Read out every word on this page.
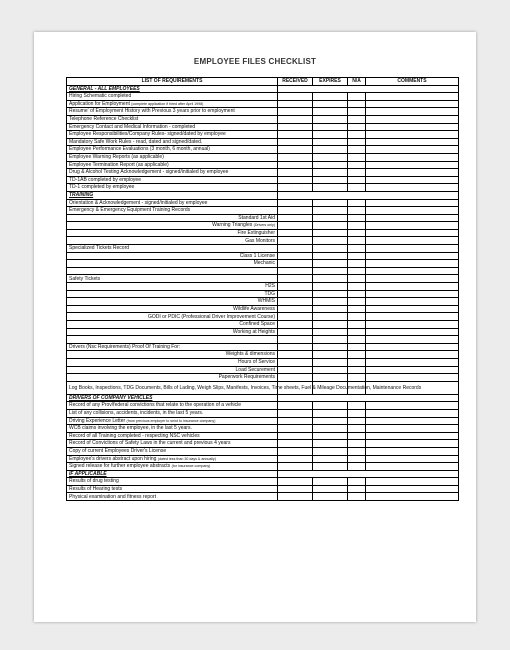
EMPLOYEE FILES CHECKLIST
LIST OF REQUIREMENTS	RECEIVED	EXPIRES	N/A	COMMENTS
GENERAL - ALL EMPLOYEES				
Hiring Schematic completed				
Application for Employment (complete application if hired after April 1998)				
Resume' of Employment History with Previous 3 years prior to employment				
Telephone Reference Checklist				
Emergency Contact and Medical Information - completed				
Employee Responsibilities/Company Rules- signed/dated by employee				
Mandatory Safe Work Rules - read, dated and signed/dated.				
Employee Performance Evaluations (3 month, 6 month, annual)				
Employee Warning Reports (as applicable)				
Employee Termination Report (as applicable)				
Drug & Alcohol Testing Acknowledgement - signed/initialed by employee				
TD-1AB completed by employee				
TD-1 completed by employee				
TRAINING				
Orientation & Acknowledgement - signed/initialed by employee				
Emergency & Emergency Equipment Training Records				
Standard 1st Aid				
Warning Triangles (Drivers only)				
Fire Extinguisher				
Gas Monitors				
Specialized Tickets Record				
Class 1 License				
Mechanic				

Safety Tickets				
H2S				
TDG				
WHMIS				
Wildlife Awareness				
GODI or PDIC (Professional Driver Improvement Course)				
Confined Space				
Working at Heights				

Drivers (Nsc Requirements) Proof Of Training For:				
Weights & dimensions				
Hours of Service				
Load Securement				
Paperwork Requirements				
Log Books, Inspections, TDG Documents, Bills of Lading, Weigh Slips, Manifests, Invoices, Time sheets, Fuel & Mileage Documentation, Maintenance Records				
DRIVERS OF COMPANY VEHICLES				
Record of any Prov/federal convictions that relate to the operation of a vehicle				
List of any collisions, accidents, incidents, in the last 5 years.				
Driving Experience Letter (from previous employer to send to insurance company)				
WCB claims involving the employee, in the last 5 years.				
Record of all Training completed - respecting NSC vehicles				
Record of Convictions of Safety Laws in the current and previous 4 years				
Copy of current Employees Driver's License				
Employee's drivers abstract upon hiring (dated less than 30 days & annually)				
Signed release for further employee abstracts (for insurance company)				
IF APPLICABLE				
Results of drug testing				
Results of Hearing tests				
Physical examination and fitness report				
